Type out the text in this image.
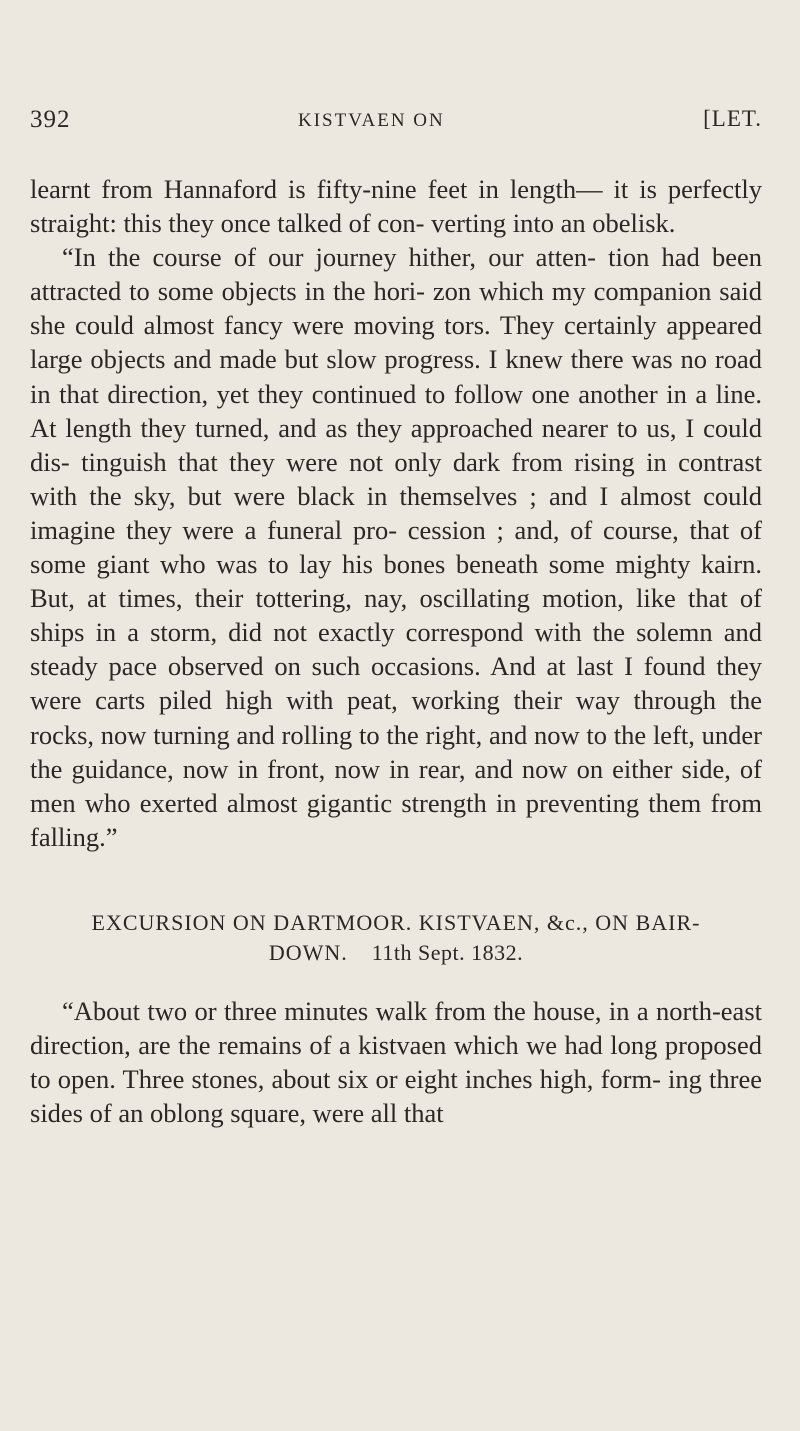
392	KISTVAEN ON	[LET.

learnt from Hannaford is fifty-nine feet in length— it is perfectly straight: this they once talked of con- verting into an obelisk.

“In the course of our journey hither, our atten- tion had been attracted to some objects in the hori- zon which my companion said she could almost fancy were moving tors. They certainly appeared large objects and made but slow progress. I knew there was no road in that direction, yet they continued to follow one another in a line. At length they turned, and as they approached nearer to us, I could dis- tinguish that they were not only dark from rising in contrast with the sky, but were black in themselves ; and I almost could imagine they were a funeral pro- cession ; and, of course, that of some giant who was to lay his bones beneath some mighty kairn. But, at times, their tottering, nay, oscillating motion, like that of ships in a storm, did not exactly correspond with the solemn and steady pace observed on such occasions. And at last I found they were carts piled high with peat, working their way through the rocks, now turning and rolling to the right, and now to the left, under the guidance, now in front, now in rear, and now on either side, of men who exerted almost gigantic strength in preventing them from falling.”

EXCURSION ON DARTMOOR. KISTVAEN, &c., ON BAIR-
DOWN. 11th Sept. 1832.

“About two or three minutes walk from the house, in a north-east direction, are the remains of a kistvaen which we had long proposed to open. Three stones, about six or eight inches high, form- ing three sides of an oblong square, were all that
